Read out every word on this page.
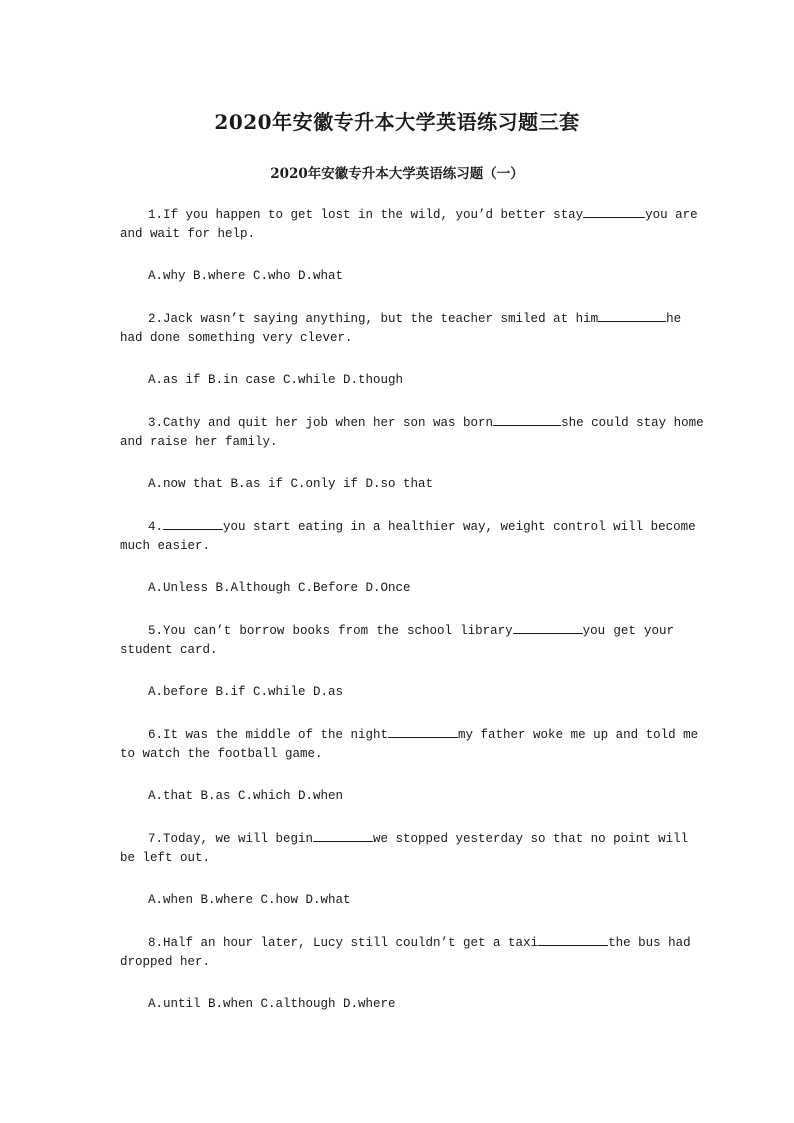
2020年安徽专升本大学英语练习题三套
2020年安徽专升本大学英语练习题（一）
1.If you happen to get lost in the wild, you’d better stay	you are
and wait for help.
A.why B.where C.who D.what
2.Jack wasn’t saying anything, but the teacher smiled at him	he
had done something very clever.
A.as if B.in case C.while D.though
3.Cathy and quit her job when her son was born	she could stay home
and raise her family.
A.now that B.as if C.only if D.so that
4.	you start eating in a healthier way, weight control will become
much easier.
A.Unless B.Although C.Before D.Once
5.You can’t borrow books from the school library	you get your
student card.
A.before B.if C.while D.as
6.It was the middle of the night	my father woke me up and told me
to watch the football game.
A.that B.as C.which D.when
7.Today, we will begin	we stopped yesterday so that no point will
be left out.
A.when B.where C.how D.what
8.Half an hour later, Lucy still couldn’t get a taxi	the bus had
dropped her.
A.until B.when C.although D.where
